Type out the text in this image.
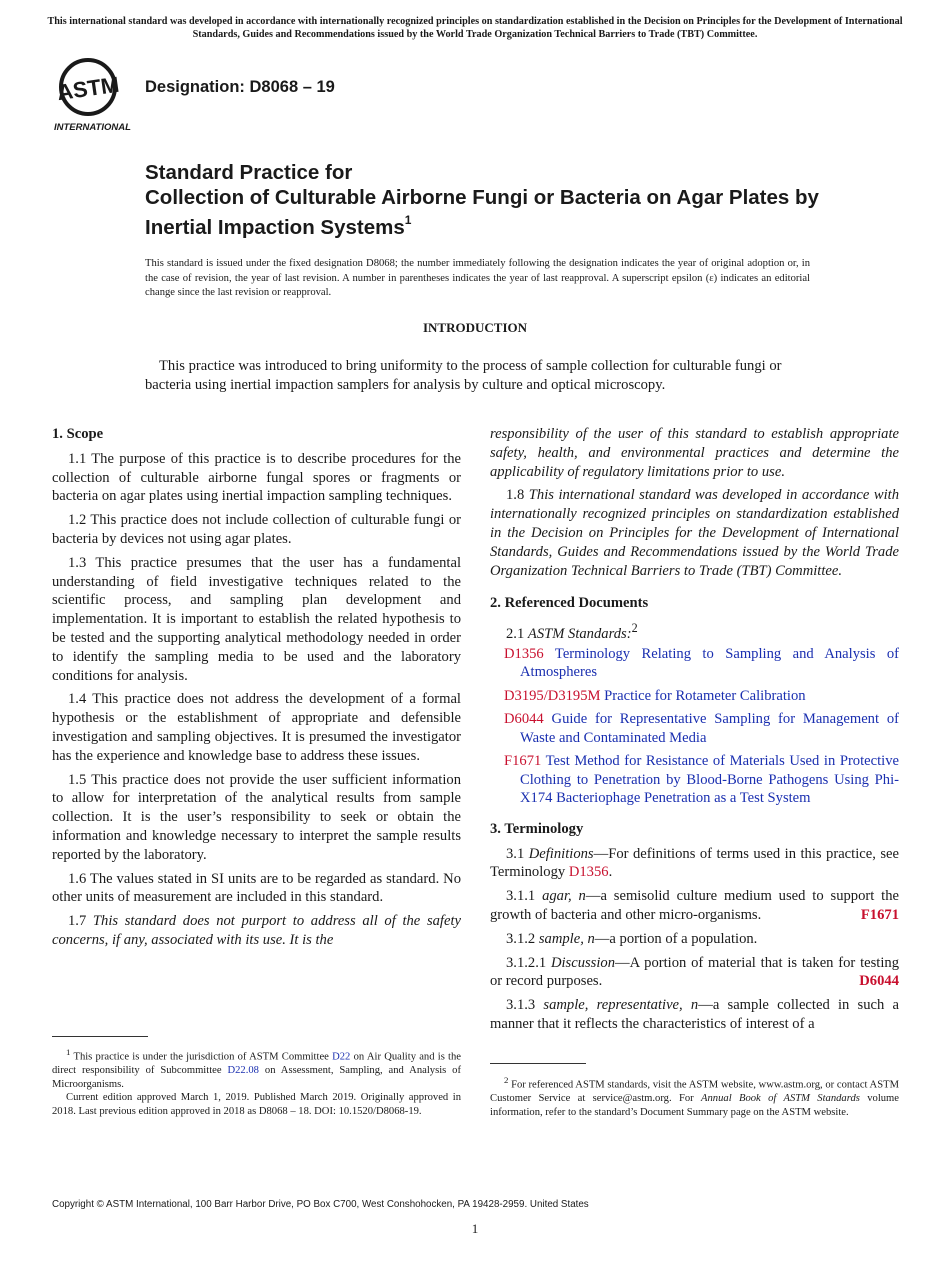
This international standard was developed in accordance with internationally recognized principles on standardization established in the Decision on Principles for the Development of International Standards, Guides and Recommendations issued by the World Trade Organization Technical Barriers to Trade (TBT) Committee.
ASTM
INTERNATIONAL
Designation: D8068 – 19
Standard Practice for
Collection of Culturable Airborne Fungi or Bacteria on Agar Plates by Inertial Impaction Systems$^1$
This standard is issued under the fixed designation D8068; the number immediately following the designation indicates the year of original adoption or, in the case of revision, the year of last revision. A number in parentheses indicates the year of last reapproval. A superscript epsilon (ε) indicates an editorial change since the last revision or reapproval.
INTRODUCTION
This practice was introduced to bring uniformity to the process of sample collection for culturable fungi or bacteria using inertial impaction samplers for analysis by culture and optical microscopy.

1. Scope

1.1 The purpose of this practice is to describe procedures for the collection of culturable airborne fungal spores or fragments or bacteria on agar plates using inertial impaction sampling techniques.

1.2 This practice does not include collection of culturable fungi or bacteria by devices not using agar plates.

1.3 This practice presumes that the user has a fundamental understanding of field investigative techniques related to the scientific process, and sampling plan development and implementation. It is important to establish the related hypothesis to be tested and the supporting analytical methodology needed in order to identify the sampling media to be used and the laboratory conditions for analysis.

1.4 This practice does not address the development of a formal hypothesis or the establishment of appropriate and defensible investigation and sampling objectives. It is presumed the investigator has the experience and knowledge base to address these issues.

1.5 This practice does not provide the user sufficient information to allow for interpretation of the analytical results from sample collection. It is the user’s responsibility to seek or obtain the information and knowledge necessary to interpret the sample results reported by the laboratory.

1.6 The values stated in SI units are to be regarded as standard. No other units of measurement are included in this standard.

1.7 This standard does not purport to address all of the safety concerns, if any, associated with its use. It is the

$^1$ This practice is under the jurisdiction of ASTM Committee D22 on Air Quality and is the direct responsibility of Subcommittee D22.08 on Assessment, Sampling, and Analysis of Microorganisms.

Current edition approved March 1, 2019. Published March 2019. Originally approved in 2018. Last previous edition approved in 2018 as D8068 – 18. DOI: 10.1520/D8068-19.

responsibility of the user of this standard to establish appropriate safety, health, and environmental practices and determine the applicability of regulatory limitations prior to use.

1.8 This international standard was developed in accordance with internationally recognized principles on standardization established in the Decision on Principles for the Development of International Standards, Guides and Recommendations issued by the World Trade Organization Technical Barriers to Trade (TBT) Committee.

2. Referenced Documents

2.1 ASTM Standards:$^2$

D1356 Terminology Relating to Sampling and Analysis of Atmospheres

D3195/D3195M Practice for Rotameter Calibration

D6044 Guide for Representative Sampling for Management of Waste and Contaminated Media

F1671 Test Method for Resistance of Materials Used in Protective Clothing to Penetration by Blood-Borne Pathogens Using Phi-X174 Bacteriophage Penetration as a Test System

3. Terminology

3.1 Definitions—For definitions of terms used in this practice, see Terminology D1356.

3.1.1 agar, n—a semisolid culture medium used to support the growth of bacteria and other micro-organisms.	F1671

3.1.2 sample, n—a portion of a population.

3.1.2.1 Discussion—A portion of material that is taken for testing or record purposes.	D6044

3.1.3 sample, representative, n—a sample collected in such a manner that it reflects the characteristics of interest of a

$^2$ For referenced ASTM standards, visit the ASTM website, www.astm.org, or contact ASTM Customer Service at service@astm.org. For Annual Book of ASTM Standards volume information, refer to the standard’s Document Summary page on the ASTM website.

Copyright © ASTM International, 100 Barr Harbor Drive, PO Box C700, West Conshohocken, PA 19428-2959. United States
1
